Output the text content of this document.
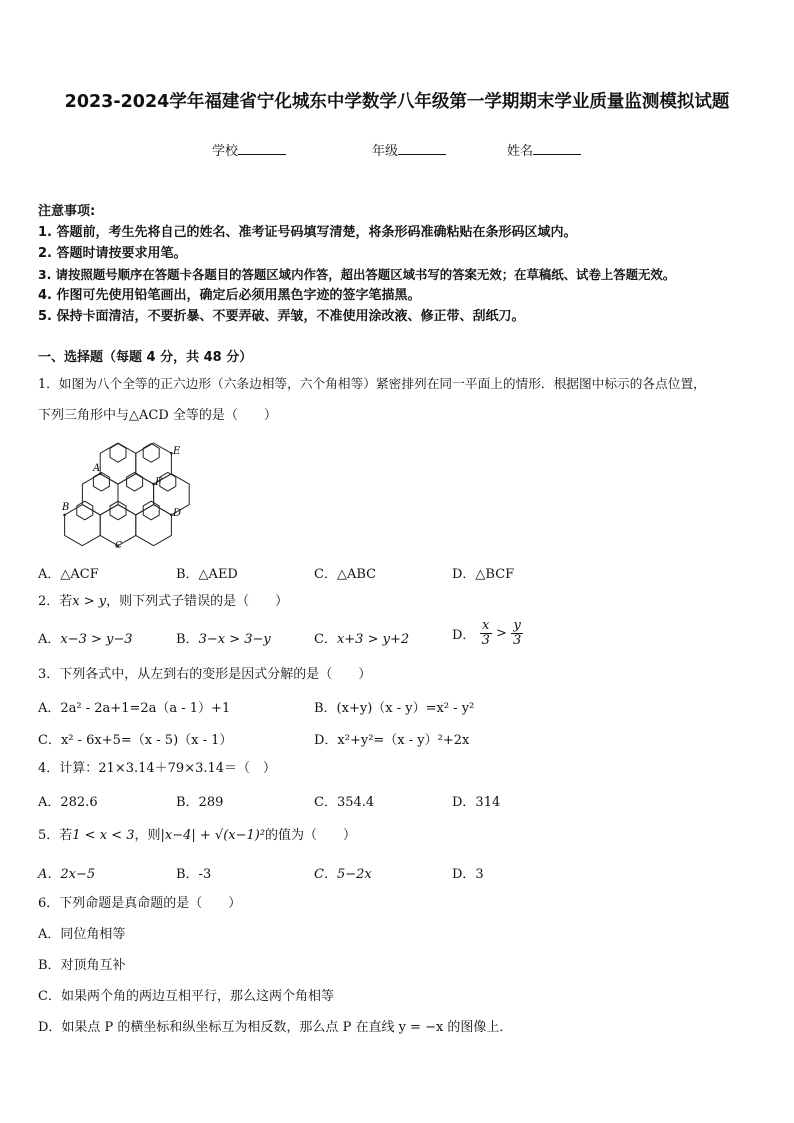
2023-2024学年福建省宁化城东中学数学八年级第一学期期末学业质量监测模拟试题
学校	年级	姓名
注意事项:
1. 答题前，考生先将自己的姓名、准考证号码填写清楚，将条形码准确粘贴在条形码区域内。
2. 答题时请按要求用笔。
3. 请按照题号顺序在答题卡各题目的答题区域内作答，超出答题区域书写的答案无效；在草稿纸、试卷上答题无效。
4. 作图可先使用铅笔画出，确定后必须用黑色字迹的签字笔描黑。
5. 保持卡面清洁，不要折暴、不要弄破、弄皱，不准使用涂改液、修正带、刮纸刀。
一、选择题（每题 4 分，共 48 分）
1．如图为八个全等的正六边形（六条边相等，六个角相等）紧密排列在同一平面上的情形．根据图中标示的各点位置，
下列三角形中与△ACD 全等的是（　　）
A
B
C
D
E
F
A．△ACF	B．△AED	C．△ABC	D．△BCF
2．若x > y，则下列式子错误的是（　　）
A．x−3 > y−3	B．3−x > 3−y	C．x+3 > y+2	D． $\frac{x}{3} > \frac{y}{3}$
3．下列各式中，从左到右的变形是因式分解的是（　　）
A．2a² - 2a+1=2a（a - 1）+1	B．(x+y)（x - y）=x² - y²
C．x² - 6x+5=（x - 5)（x - 1）	D．x²+y²=（x - y）²+2x
4．计算：21×3.14＋79×3.14＝（　）
A．282.6	B．289	C．354.4	D．314
5．若1 < x < 3，则|x−4| + √(x−1)²的值为（　　）
A．2x−5	B．-3	C．5−2x	D．3
6．下列命题是真命题的是（　　）
A．同位角相等
B．对顶角互补
C．如果两个角的两边互相平行，那么这两个角相等
D．如果点 P 的横坐标和纵坐标互为相反数，那么点 P 在直线 y = −x 的图像上．
